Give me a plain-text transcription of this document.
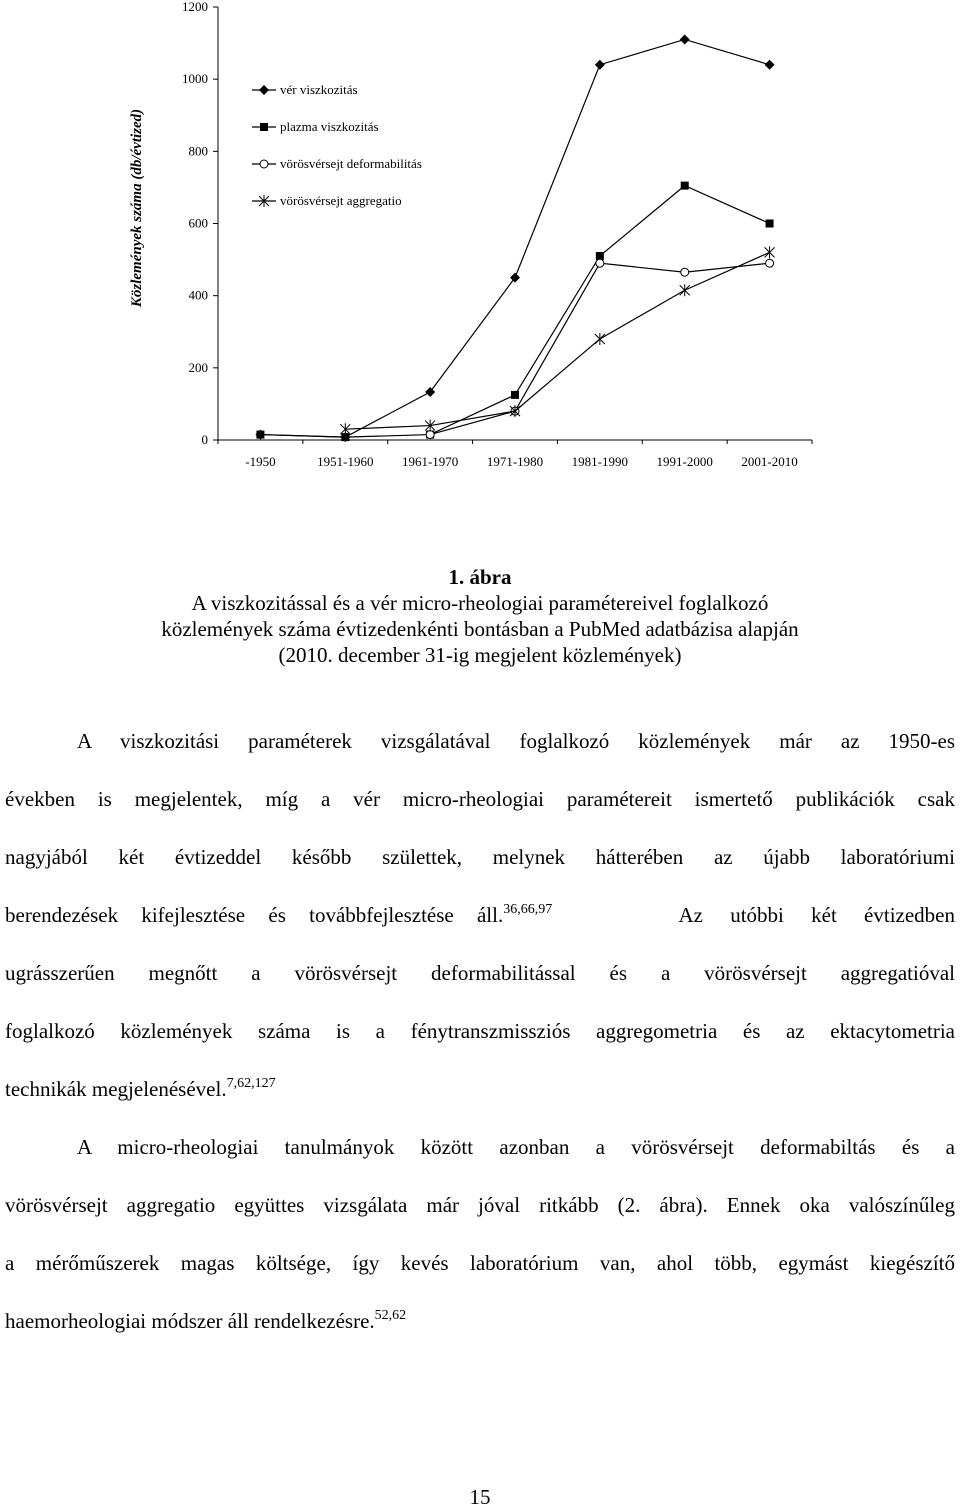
0
200
400
600
800
1000
1200
-1950	1951-1960 1961-1970 1971-1980 1981-1990 1991-2000 2001-2010
vér viszkozitás
plazma viszkozitás
vörösvérsejt deformabilitás
vörösvérsejt aggregatio
Közlemények száma (db/évtized)
1. ábra
A viszkozitással és a vér micro-rheologiai paramétereivel foglalkozó
közlemények száma évtizedenkénti bontásban a PubMed adatbázisa alapján
(2010. december 31-ig megjelent közlemények)
A viszkozitási paraméterek vizsgálatával foglalkozó közlemények már az 1950-es
években is megjelentek, míg a vér micro-rheologiai paramétereit ismertető publikációk csak
nagyjából két évtizeddel később születtek, melynek hátterében az újabb laboratóriumi
berendezések kifejlesztése és továbbfejlesztése áll.$^{36,66,97}$	Az utóbbi két évtizedben
ugrásszerűen megnőtt a vörösvérsejt deformabilitással és a vörösvérsejt aggregatióval
foglalkozó közlemények száma is a fénytranszmissziós aggregometria és az ektacytometria
technikák megjelenésével.$^{7,62,127}$
A micro-rheologiai tanulmányok között azonban a vörösvérsejt deformabiltás és a
vörösvérsejt aggregatio együttes vizsgálata már jóval ritkább (2. ábra). Ennek oka valószínűleg
a mérőműszerek magas költsége, így kevés laboratórium van, ahol több, egymást kiegészítő
haemorheologiai módszer áll rendelkezésre.$^{52,62}$
15
